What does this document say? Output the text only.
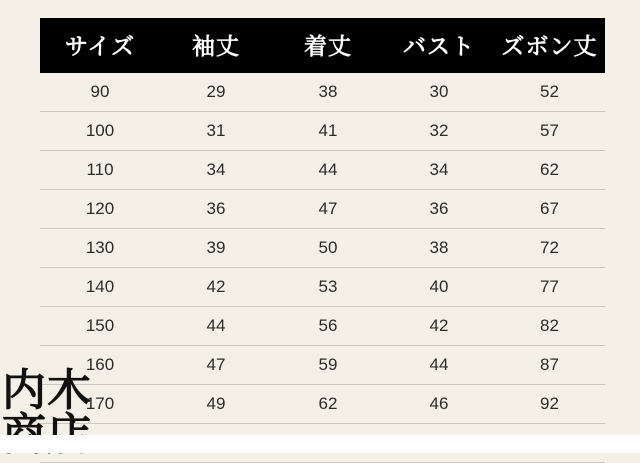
サイズ	袖丈	着丈	バスト	ズボン丈
90	29	38	30	52
100	31	41	32	57
110	34	44	34	62
120	36	47	36	67
130	39	50	38	72
140	42	53	40	77
150	44	56	42	82
160	47	59	44	87
170	49	62	46	92

内木
